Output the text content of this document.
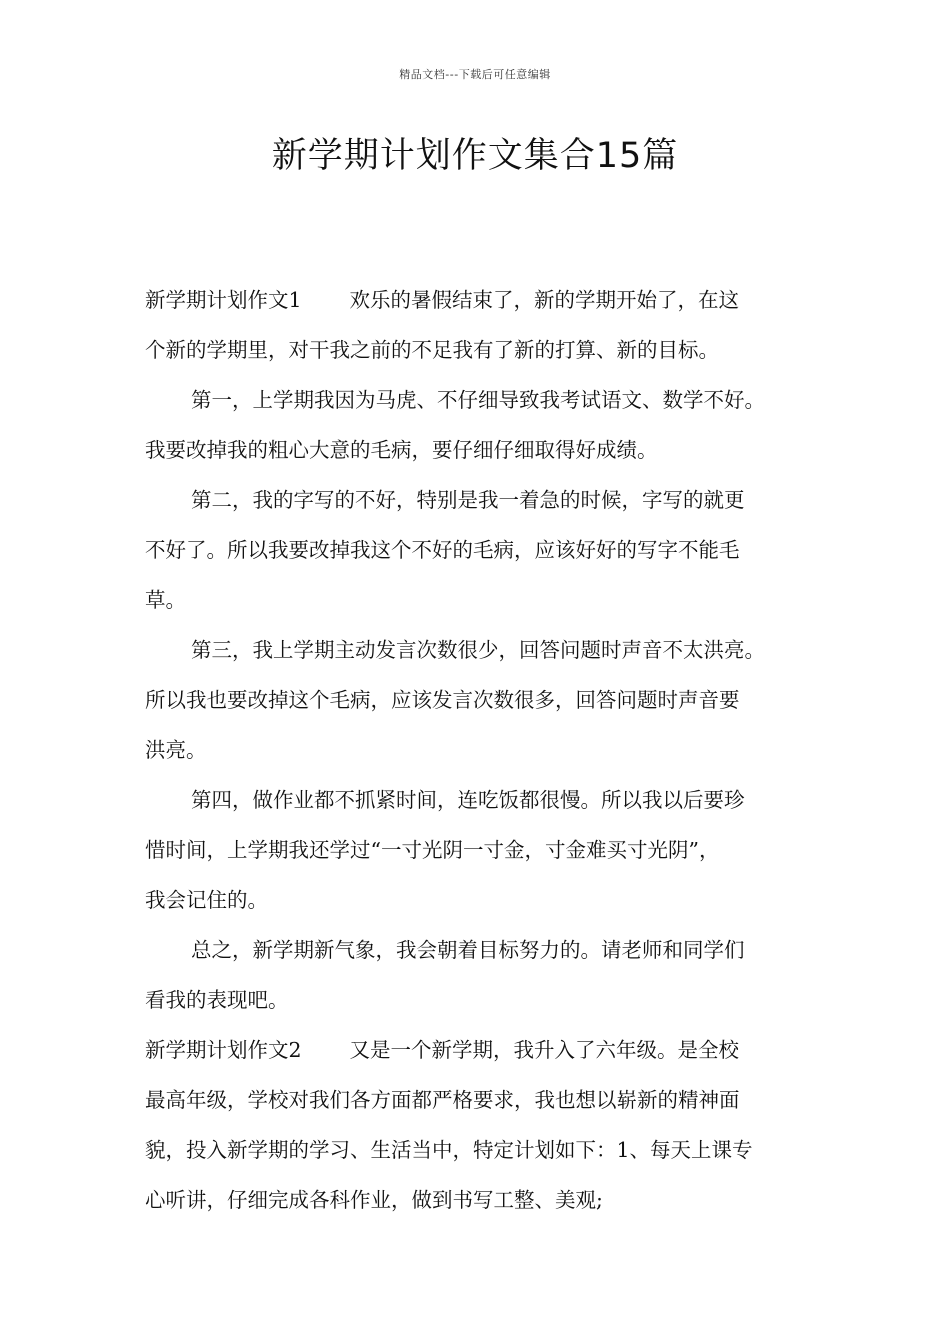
精品文档---下载后可任意编辑
新学期计划作文集合15篇
新学期计划作文1 欢乐的暑假结束了，新的学期开始了，在这
个新的学期里，对干我之前的不足我有了新的打算、新的目标。
第一，上学期我因为马虎、不仔细导致我考试语文、数学不好。
我要改掉我的粗心大意的毛病，要仔细仔细取得好成绩。
第二，我的字写的不好，特别是我一着急的时候，字写的就更
不好了。所以我要改掉我这个不好的毛病，应该好好的写字不能毛
草。
第三，我上学期主动发言次数很少，回答问题时声音不太洪亮。
所以我也要改掉这个毛病，应该发言次数很多，回答问题时声音要
洪亮。
第四，做作业都不抓紧时间，连吃饭都很慢。所以我以后要珍
惜时间，上学期我还学过“一寸光阴一寸金，寸金难买寸光阴”，
我会记住的。
总之，新学期新气象，我会朝着目标努力的。请老师和同学们
看我的表现吧。
新学期计划作文2 又是一个新学期，我升入了六年级。是全校
最高年级，学校对我们各方面都严格要求，我也想以崭新的精神面
貌，投入新学期的学习、生活当中，特定计划如下：1、每天上课专
心听讲，仔细完成各科作业，做到书写工整、美观;
